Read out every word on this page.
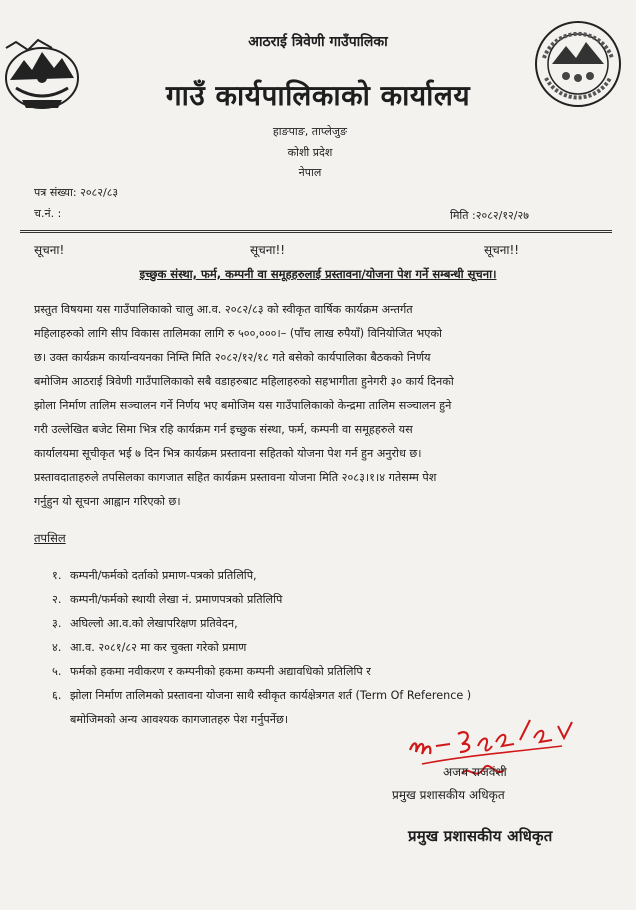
आठराई त्रिवेणी गाउँपालिका
गाउँ कार्यपालिकाको कार्यालय
हाङपाङ, ताप्लेजुङ
कोशी प्रदेश
नेपाल
पत्र संख्या: २०८२/८३
च.नं. :	मिति :२०८२/१२/२७
सूचना!	सूचना!!	सूचना!!
इच्छुक संस्था, फर्म, कम्पनी वा समूहहरुलाई प्रस्तावना/योजना पेश गर्ने सम्बन्धी सूचना।
प्रस्तुत विषयमा यस गाउँपालिकाको चालु आ.व. २०८२/८३ को स्वीकृत वार्षिक कार्यक्रम अन्तर्गत
महिलाहरुको लागि सीप विकास तालिमका लागि रु ५००,०००।– (पाँच लाख रुपैयाँ) विनियोजित भएको
छ। उक्त कार्यक्रम कार्यान्वयनका निम्ति मिति २०८२/१२/१८ गते बसेको कार्यपालिका बैठकको निर्णय
बमोजिम आठराई त्रिवेणी गाउँपालिकाको सबै वडाहरुबाट महिलाहरुको सहभागीता हुनेगरी ३० कार्य दिनको
झोला निर्माण तालिम सञ्चालन गर्ने निर्णय भए बमोजिम यस गाउँपालिकाको केन्द्रमा तालिम सञ्चालन हुने
गरी उल्लेखित बजेट सिमा भित्र रहि कार्यक्रम गर्न इच्छुक संस्था, फर्म, कम्पनी वा समूहहरुले यस
कार्यालयमा सूचीकृत भई ७ दिन भित्र कार्यक्रम प्रस्तावना सहितको योजना पेश गर्न हुन अनुरोध छ।
प्रस्तावदाताहरुले तपसिलका कागजात सहित कार्यक्रम प्रस्तावना योजना मिति २०८३।१।४ गतेसम्म पेश
गर्नुहुन यो सूचना आह्वान गरिएको छ।
तपसिल
१. कम्पनी/फर्मको दर्ताको प्रमाण-पत्रको प्रतिलिपि,
२. कम्पनी/फर्मको स्थायी लेखा नं. प्रमाणपत्रको प्रतिलिपि
३. अघिल्लो आ.व.को लेखापरिक्षण प्रतिवेदन,
४. आ.व. २०८१/८२ मा कर चुक्ता गरेको प्रमाण
५. फर्मको हकमा नवीकरण र कम्पनीको हकमा कम्पनी अद्यावधिको प्रतिलिपि र
६. झोला निर्माण तालिमको प्रस्तावना योजना साथै स्वीकृत कार्यक्षेत्रगत शर्त (Term Of Reference )
बमोजिमको अन्य आवश्यक कागजातहरु पेश गर्नुपर्नेछ।
अजय राजवंशी
प्रमुख प्रशासकीय अधिकृत
प्रमुख प्रशासकीय अधिकृत
